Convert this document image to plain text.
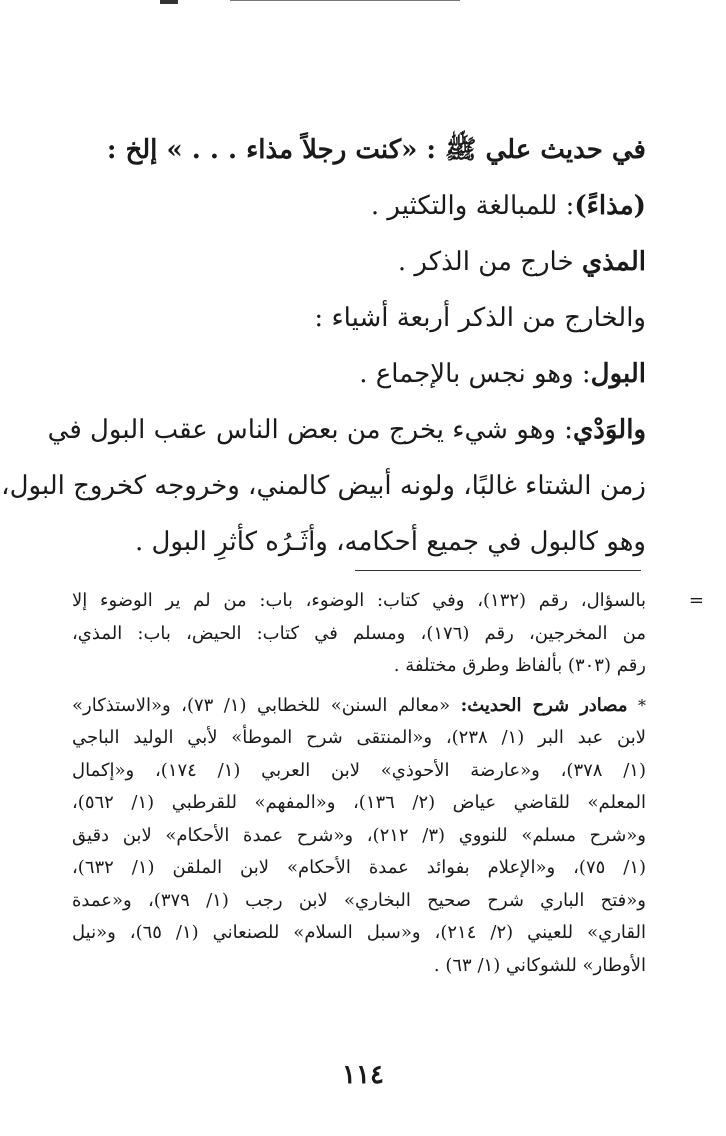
في حديث علي ﷺ : «كنت رجلاً مذاء . . . » إلخ :
(مذاءً): للمبالغة والتكثير .
المذي خارج من الذكر .
والخارج من الذكر أربعة أشياء :
البول: وهو نجس بالإجماع .
والوَدْي: وهو شيء يخرج من بعض الناس عقب البول في
زمن الشتاء غالبًا، ولونه أبيض كالمني، وخروجه كخروج البول،
وهو كالبول في جميع أحكامه، وأثَـرُه كأثرِ البول .
=
بالسؤال، رقم (١٣٢)، وفي كتاب: الوضوء، باب: من لم ير الوضوء إلا
من المخرجين، رقم (١٧٦)، ومسلم في كتاب: الحيض، باب: المذي،
رقم (٣٠٣) بألفاظ وطرق مختلفة .
* مصادر شرح الحديث: «معالم السنن» للخطابي (١/ ٧٣)، و«الاستذكار»
لابن عبد البر (١/ ٢٣٨)، و«المنتقى شرح الموطأ» لأبي الوليد الباجي
(١/ ٣٧٨)، و«عارضة الأحوذي» لابن العربي (١/ ١٧٤)، و«إكمال
المعلم» للقاضي عياض (٢/ ١٣٦)، و«المفهم» للقرطبي (١/ ٥٦٢)،
و«شرح مسلم» للنووي (٣/ ٢١٢)، و«شرح عمدة الأحكام» لابن دقيق
(١/ ٧٥)، و«الإعلام بفوائد عمدة الأحكام» لابن الملقن (١/ ٦٣٢)،
و«فتح الباري شرح صحيح البخاري» لابن رجب (١/ ٣٧٩)، و«عمدة
القاري» للعيني (٢/ ٢١٤)، و«سبل السلام» للصنعاني (١/ ٦٥)، و«نيل
الأوطار» للشوكاني (١/ ٦٣) .
١١٤
